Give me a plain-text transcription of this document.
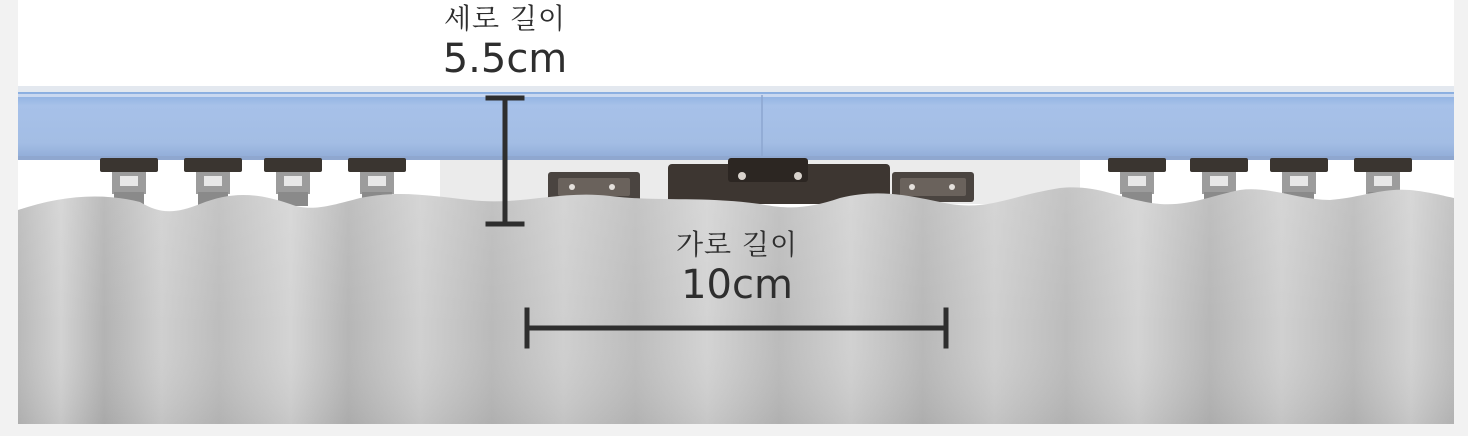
세로 길이
5.5cm
가로 길이
10cm
